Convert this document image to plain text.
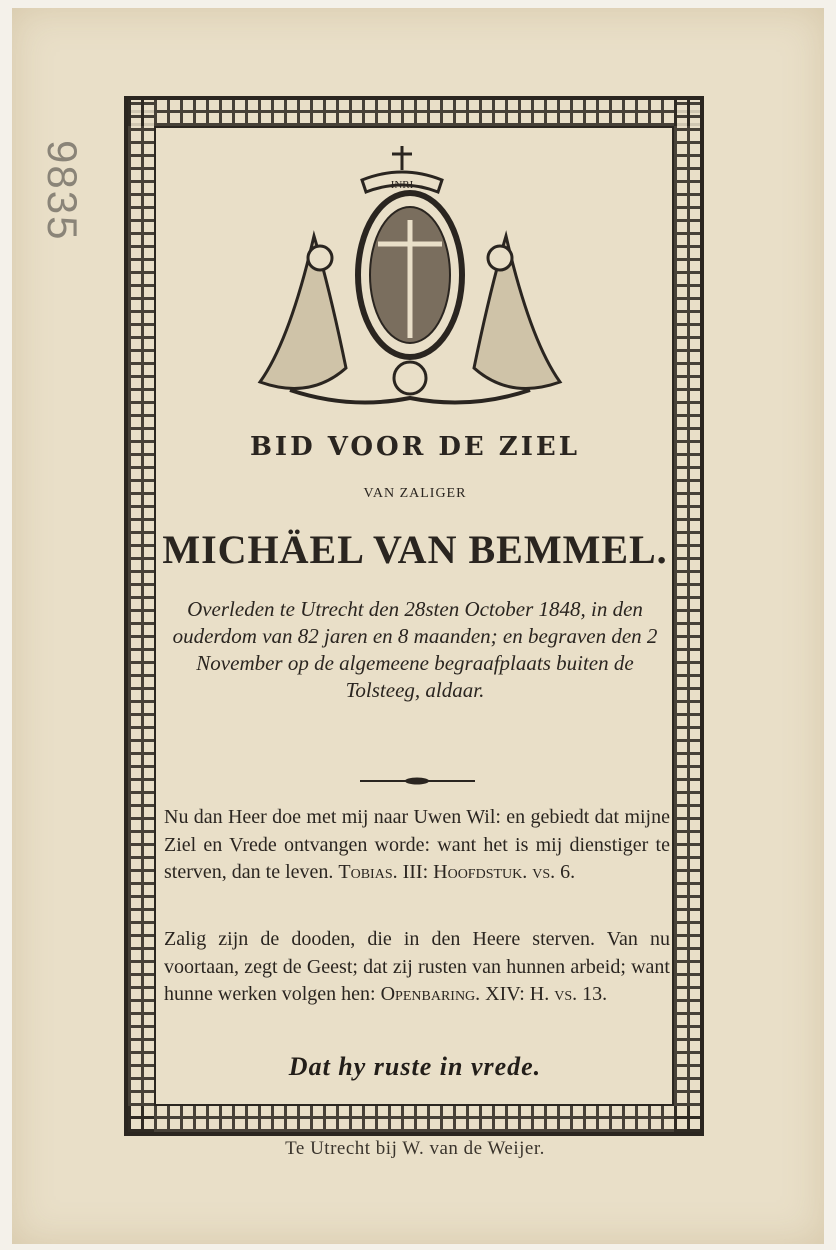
9835	INRI
BID VOOR DE ZIEL
VAN ZALIGER
MICHÄEL VAN BEMMEL.
Overleden te Utrecht den 28sten October 1848, in den ouderdom van 82 jaren en 8 maanden; en begraven den 2 November op de algemeene begraafplaats buiten de Tolsteeg, aldaar.
Nu dan Heer doe met mij naar Uwen Wil: en gebiedt dat mijne Ziel en Vrede ontvangen worde: want het is mij dienstiger te sterven, dan te leven. Tobias. III: Hoofdstuk. vs. 6.
Zalig zijn de dooden, die in den Heere sterven. Van nu voortaan, zegt de Geest; dat zij rusten van hunnen arbeid; want hunne werken volgen hen: Openbaring. XIV: H. vs. 13.
Dat hy ruste in vrede.
Te Utrecht bij W. van de Weijer.
